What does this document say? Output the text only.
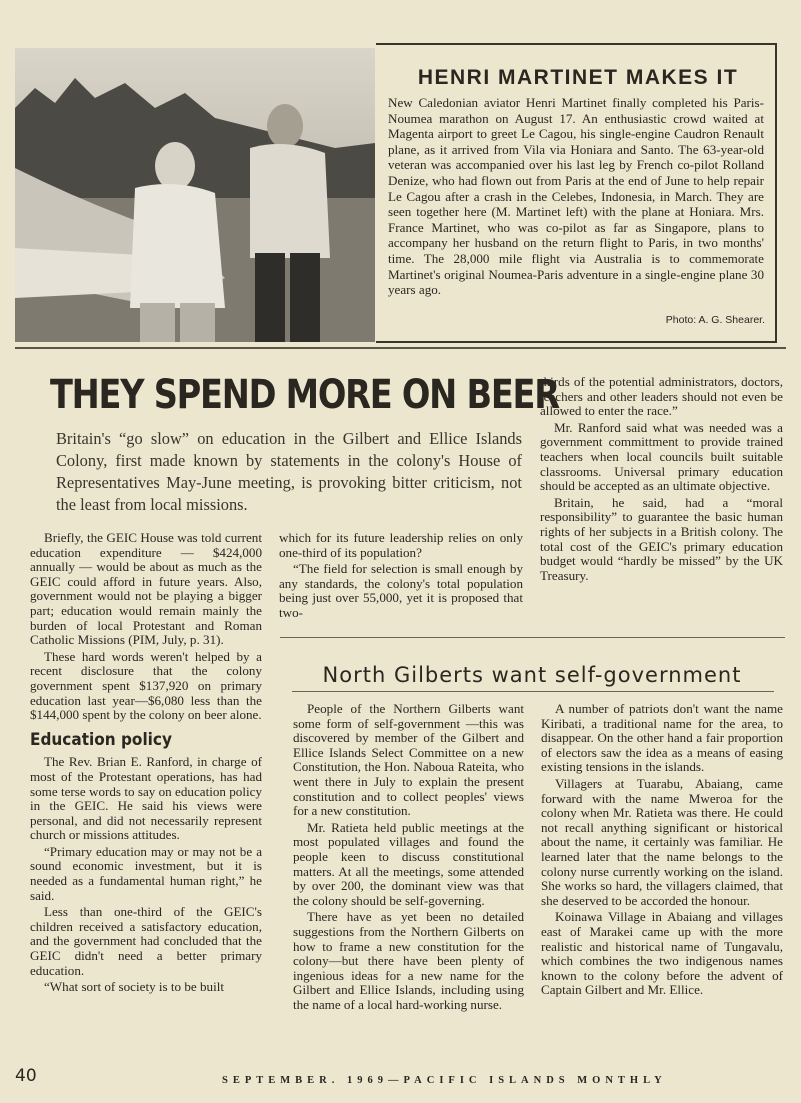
HENRI MARTINET MAKES IT
New Caledonian aviator Henri Martinet finally completed his Paris-Noumea marathon on August 17. An enthusiastic crowd waited at Magenta airport to greet Le Cagou, his single-engine Caudron Renault plane, as it arrived from Vila via Honiara and Santo. The 63-year-old veteran was accompanied over his last leg by French co-pilot Rolland Denize, who had flown out from Paris at the end of June to help repair Le Cagou after a crash in the Celebes, Indonesia, in March. They are seen together here (M. Martinet left) with the plane at Honiara. Mrs. France Martinet, who was co-pilot as far as Singapore, plans to accompany her husband on the return flight to Paris, in two months' time. The 28,000 mile flight via Australia is to commemorate Martinet's original Noumea-Paris adventure in a single-engine plane 30 years ago.
Photo: A. G. Shearer.
THEY SPEND MORE ON BEER
Britain's “go slow” on education in the Gilbert and Ellice Islands Colony, first made known by statements in the colony's House of Representatives May-June meeting, is provoking bitter criticism, not the least from local missions.

Briefly, the GEIC House was told current education expenditure — $424,000 annually — would be about as much as the GEIC could afford in future years. Also, government would not be playing a bigger part; education would remain mainly the burden of local Protestant and Roman Catholic Missions (PIM, July, p. 31).

These hard words weren't helped by a recent disclosure that the colony government spent $137,920 on primary education last year—$6,080 less than the $144,000 spent by the colony on beer alone.

Education policy

The Rev. Brian E. Ranford, in charge of most of the Protestant operations, has had some terse words to say on education policy in the GEIC. He said his views were personal, and did not necessarily represent church or missions attitudes.

“Primary education may or may not be a sound economic investment, but it is needed as a fundamental human right,” he said.

Less than one-third of the GEIC's children received a satisfactory education, and the government had concluded that the GEIC didn't need a better primary education.

“What sort of society is to be built

which for its future leadership relies on only one-third of its population?

“The field for selection is small enough by any standards, the colony's total population being just over 55,000, yet it is proposed that two-

thirds of the potential administrators, doctors, teachers and other leaders should not even be allowed to enter the race.”

Mr. Ranford said what was needed was a government committment to provide trained teachers when local councils built suitable classrooms. Universal primary education should be accepted as an ultimate objective.

Britain, he said, had a “moral responsibility” to guarantee the basic human rights of her subjects in a British colony. The total cost of the GEIC's primary education budget would “hardly be missed” by the UK Treasury.

North Gilberts want self-government

People of the Northern Gilberts want some form of self-government —this was discovered by member of the Gilbert and Ellice Islands Select Committee on a new Constitution, the Hon. Naboua Rateita, who went there in July to explain the present constitution and to collect peoples' views for a new constitution.

Mr. Ratieta held public meetings at the most populated villages and found the people keen to discuss constitutional matters. At all the meetings, some attended by over 200, the dominant view was that the colony should be self-governing.

There have as yet been no detailed suggestions from the Northern Gilberts on how to frame a new constitution for the colony—but there have been plenty of ingenious ideas for a new name for the Gilbert and Ellice Islands, including using the name of a local hard-working nurse.

A number of patriots don't want the name Kiribati, a traditional name for the area, to disappear. On the other hand a fair proportion of electors saw the idea as a means of easing existing tensions in the islands.

Villagers at Tuarabu, Abaiang, came forward with the name Mweroa for the colony when Mr. Ratieta was there. He could not recall anything significant or historical about the name, it certainly was familiar. He learned later that the name belongs to the colony nurse currently working on the island. She works so hard, the villagers claimed, that she deserved to be accorded the honour.

Koinawa Village in Abaiang and villages east of Marakei came up with the more realistic and historical name of Tungavalu, which combines the two indigenous names known to the colony before the advent of Captain Gilbert and Mr. Ellice.

40	SEPTEMBER. 1969—PACIFIC ISLANDS MONTHLY
